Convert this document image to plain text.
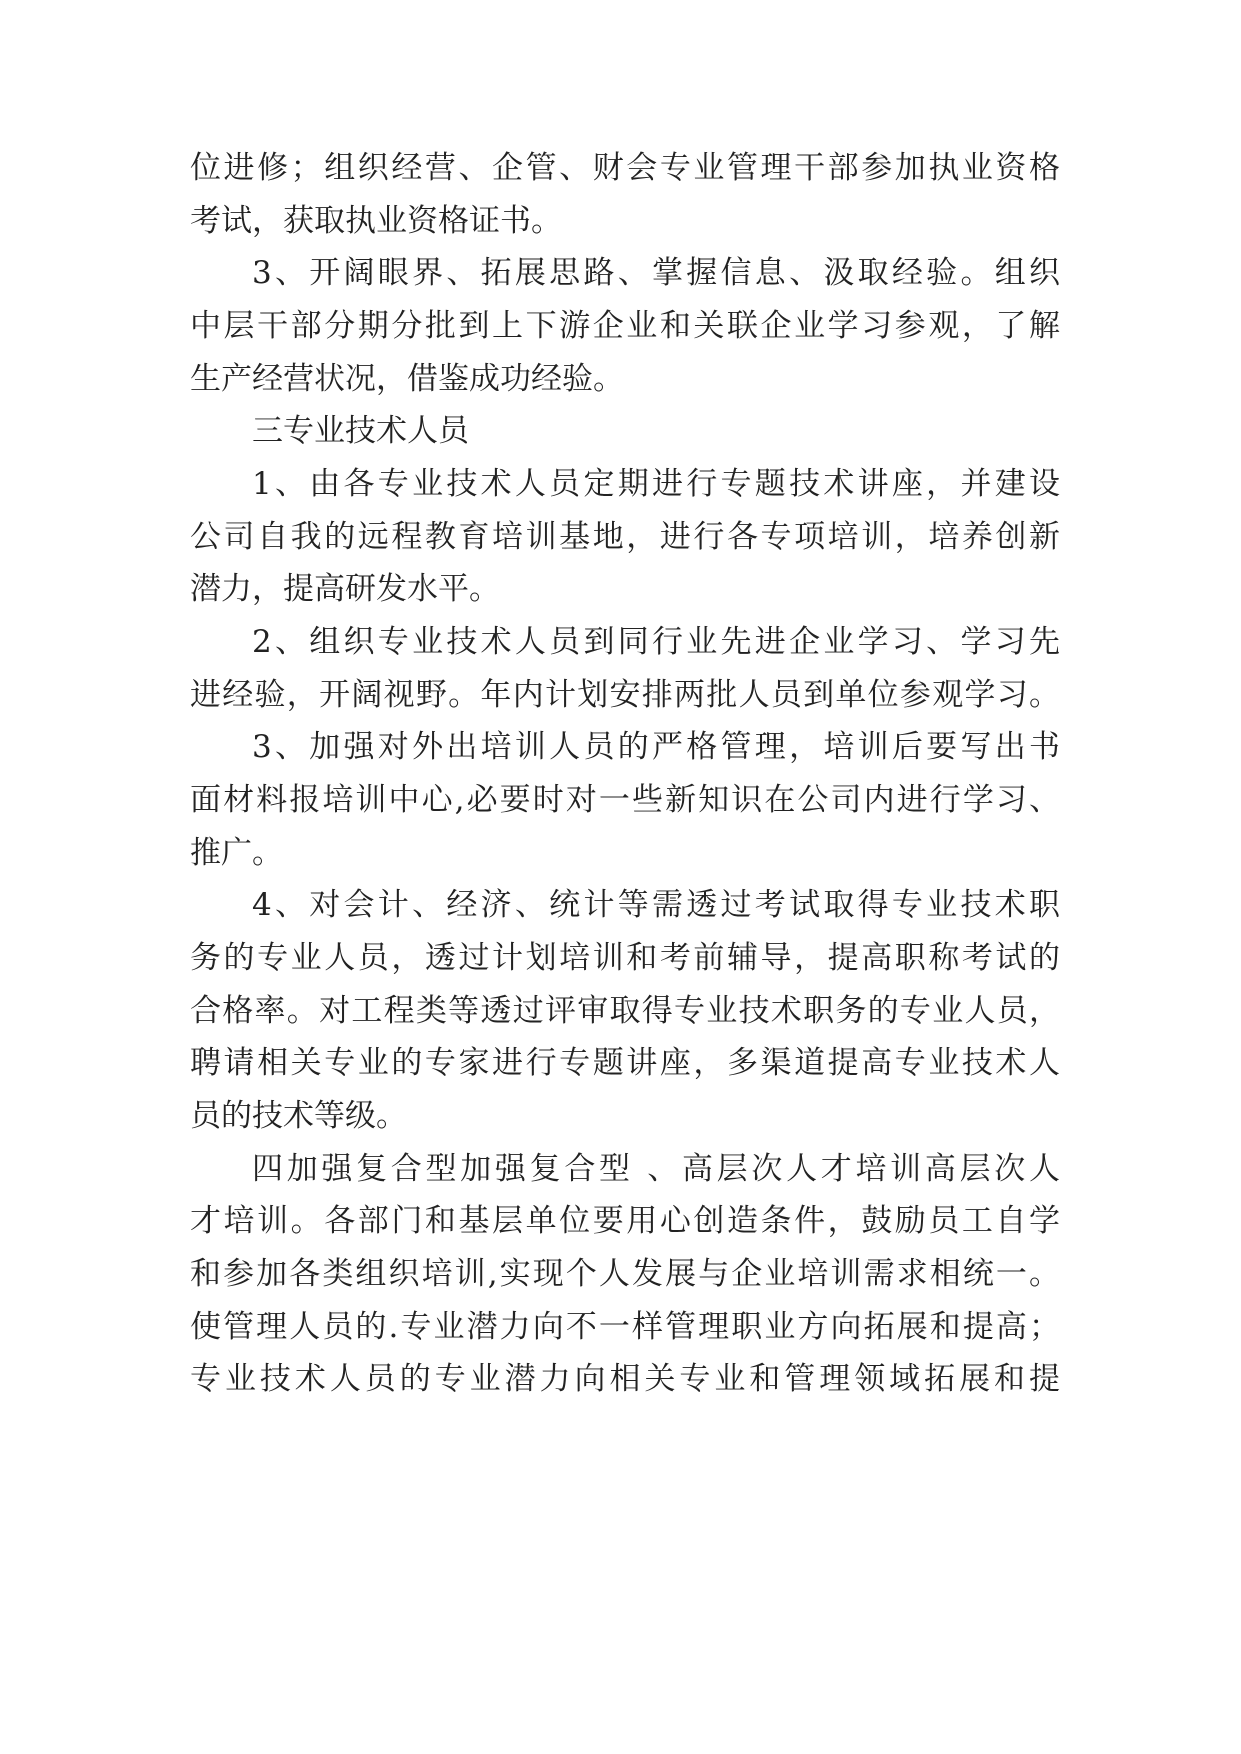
位进修；组织经营、企管、财会专业管理干部参加执业资格
考试，获取执业资格证书。
3、开阔眼界、拓展思路、掌握信息、汲取经验。组织
中层干部分期分批到上下游企业和关联企业学习参观，了解
生产经营状况，借鉴成功经验。
三专业技术人员
1、由各专业技术人员定期进行专题技术讲座，并建设
公司自我的远程教育培训基地，进行各专项培训，培养创新
潜力，提高研发水平。
2、组织专业技术人员到同行业先进企业学习、学习先
进经验，开阔视野。年内计划安排两批人员到单位参观学习。
3、加强对外出培训人员的严格管理，培训后要写出书
面材料报培训中心,必要时对一些新知识在公司内进行学习、
推广。
4、对会计、经济、统计等需透过考试取得专业技术职
务的专业人员，透过计划培训和考前辅导，提高职称考试的
合格率。对工程类等透过评审取得专业技术职务的专业人员，
聘请相关专业的专家进行专题讲座，多渠道提高专业技术人
员的技术等级。
四加强复合型加强复合型 、高层次人才培训高层次人
才培训。各部门和基层单位要用心创造条件，鼓励员工自学
和参加各类组织培训,实现个人发展与企业培训需求相统一。
使管理人员的.专业潜力向不一样管理职业方向拓展和提高；
专业技术人员的专业潜力向相关专业和管理领域拓展和提
